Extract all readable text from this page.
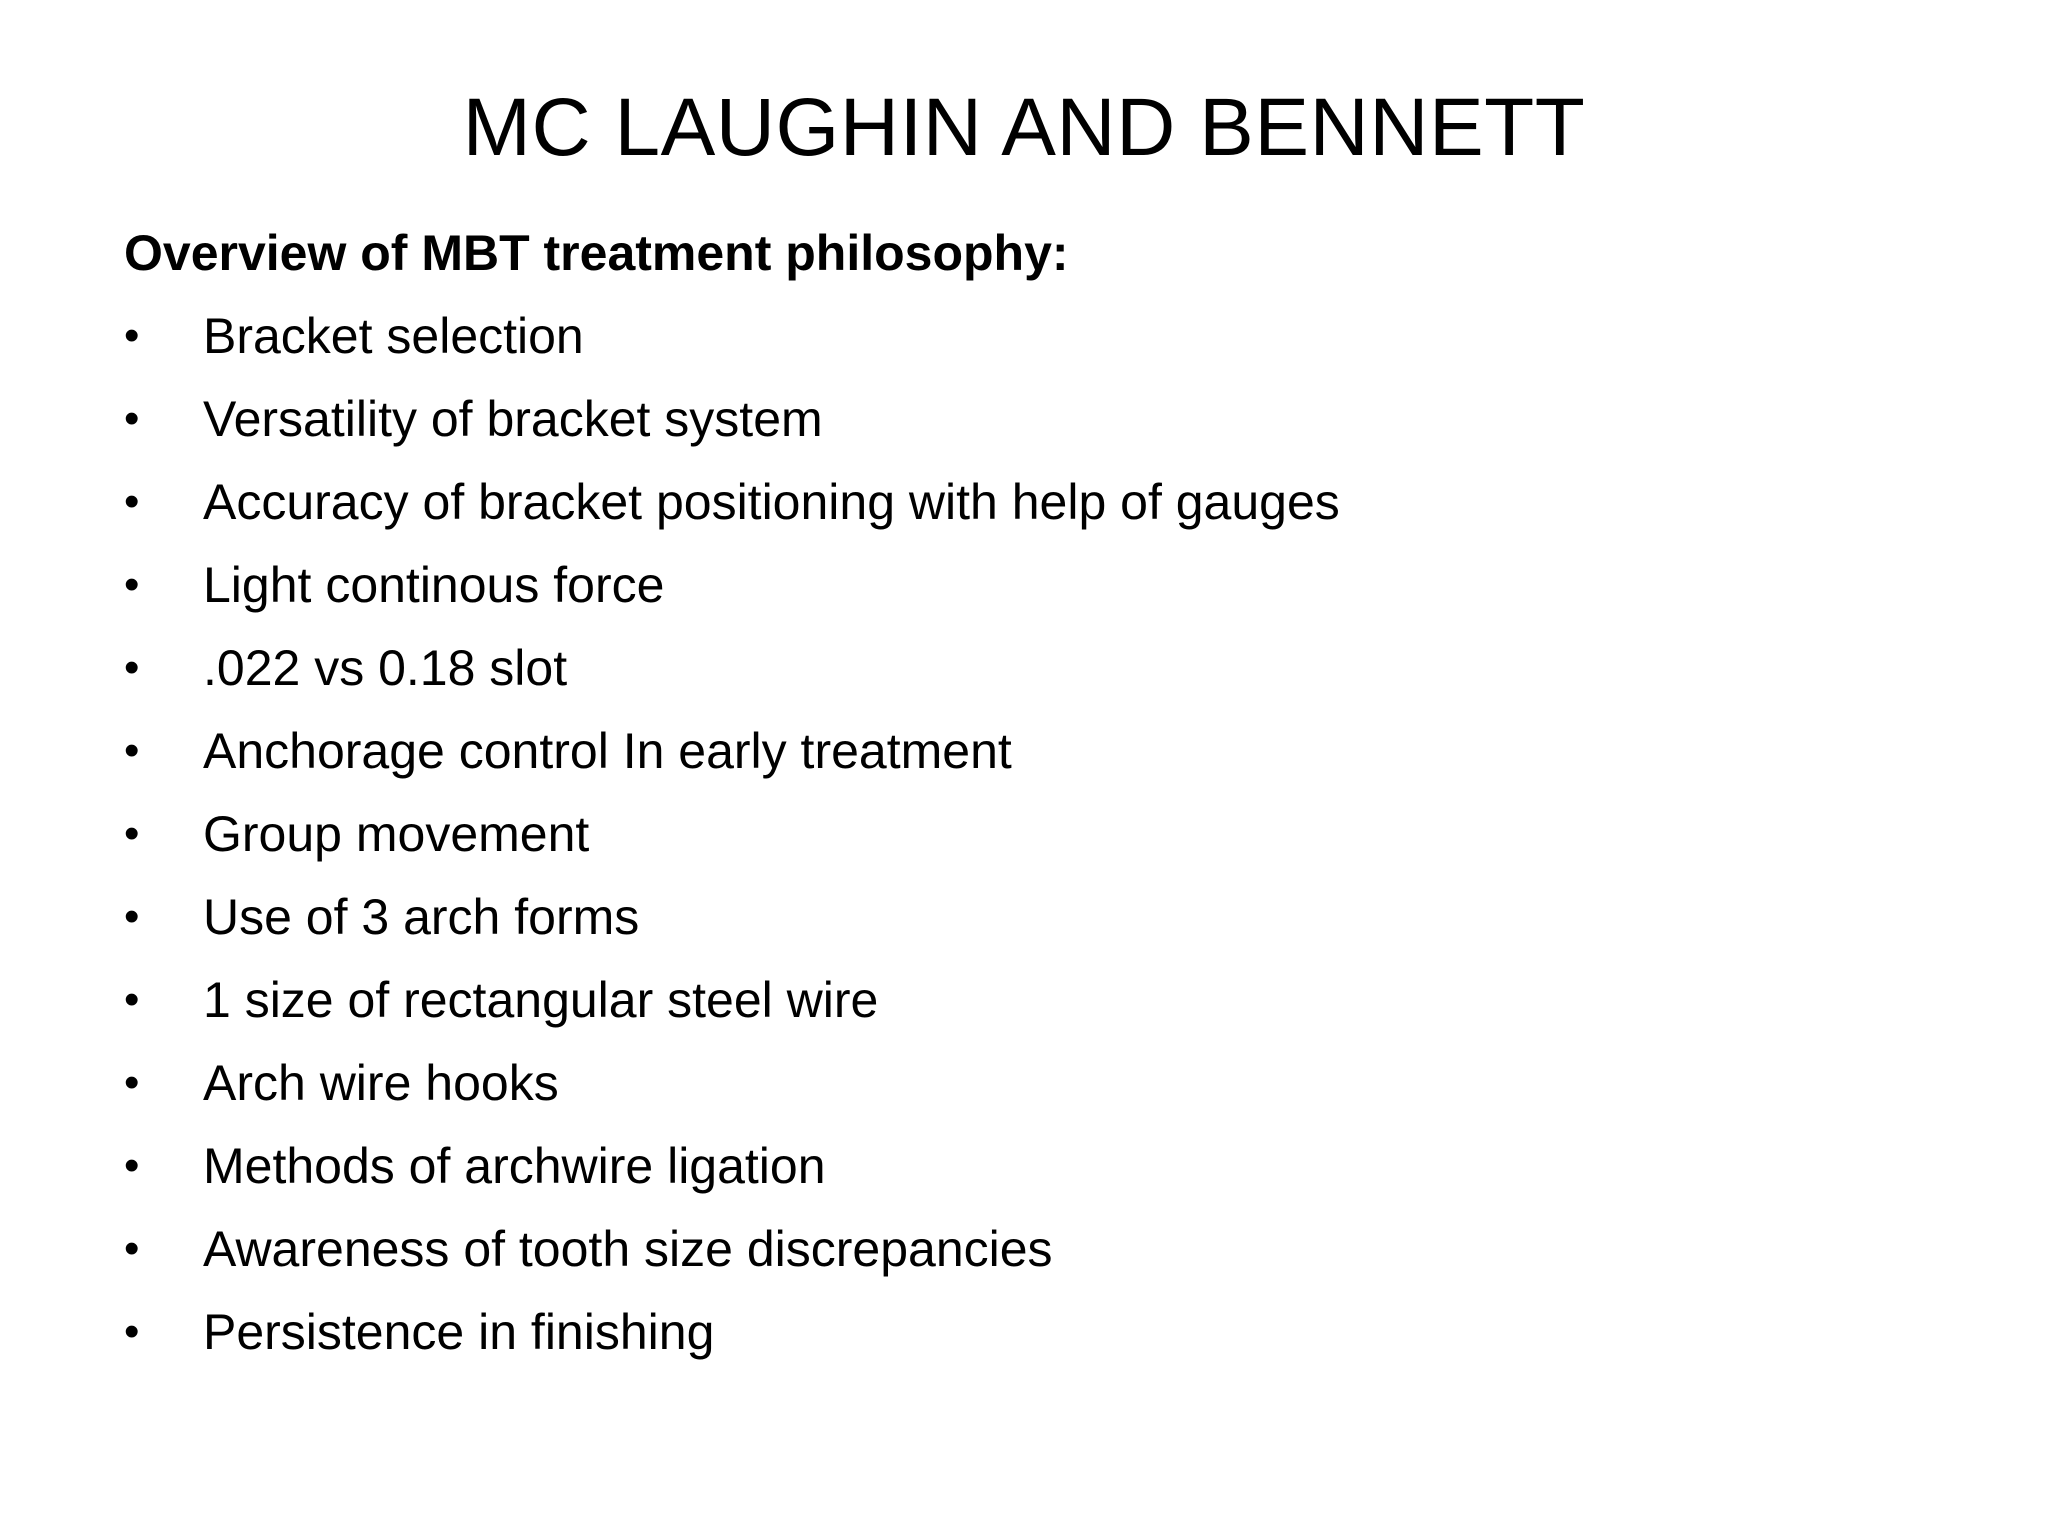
MC LAUGHIN AND BENNETT
Overview of MBT treatment philosophy:
• Bracket selection
• Versatility of bracket system
• Accuracy of bracket positioning with help of gauges
• Light continous force
• .022 vs 0.18 slot
• Anchorage control In early treatment
• Group movement
• Use of 3 arch forms
• 1 size of rectangular steel wire
• Arch wire hooks
• Methods of archwire ligation
• Awareness of tooth size discrepancies
• Persistence in finishing
